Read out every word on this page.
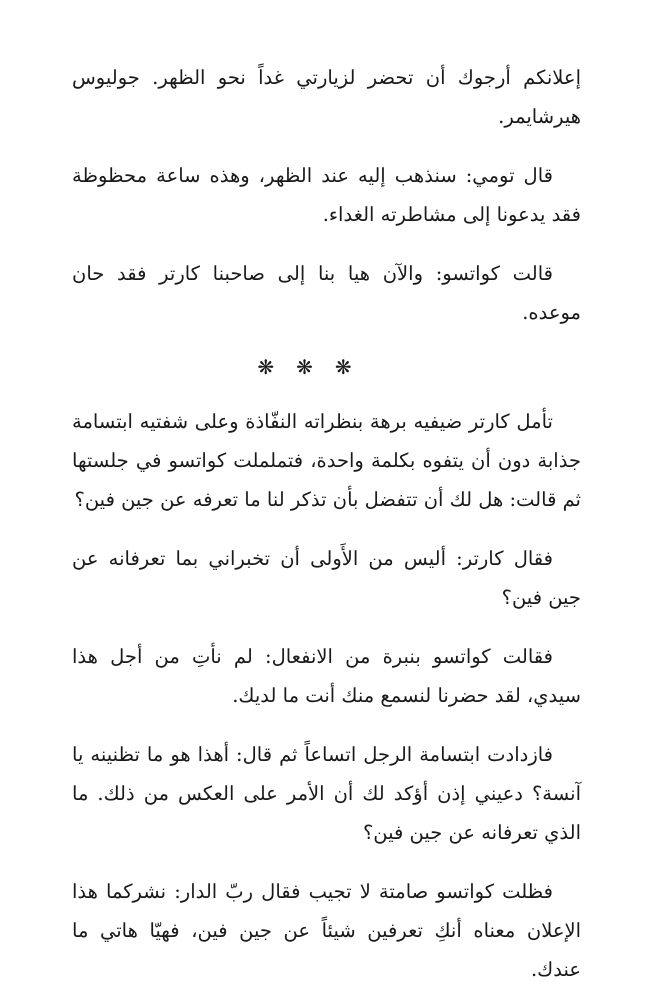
إعلانكم أرجوك أن تحضر لزيارتي غداً نحو الظهر. جوليوس هيرشايمر.

قال تومي: سنذهب إليه عند الظهر، وهذه ساعة محظوظة فقد يدعونا إلى مشاطرته الغداء.

قالت كواتسو: والآن هيا بنا إلى صاحبنا كارتر فقد حان موعده.

❋❋❋

تأمل كارتر ضيفيه برهة بنظراته النفّاذة وعلى شفتيه ابتسامة جذابة دون أن يتفوه بكلمة واحدة، فتململت كواتسو في جلستها ثم قالت: هل لك أن تتفضل بأن تذكر لنا ما تعرفه عن جين فين؟

فقال كارتر: أليس من الأَولى أن تخبراني بما تعرفانه عن جين فين؟

فقالت كواتسو بنبرة من الانفعال: لم نأتِ من أجل هذا سيدي، لقد حضرنا لنسمع منك أنت ما لديك.

فازدادت ابتسامة الرجل اتساعاً ثم قال: أهذا هو ما تظنينه يا آنسة؟ دعيني إذن أؤكد لك أن الأمر على العكس من ذلك. ما الذي تعرفانه عن جين فين؟

فظلت كواتسو صامتة لا تجيب فقال ربّ الدار: نشركما هذا الإعلان معناه أنكِ تعرفين شيئاً عن جين فين، فهيّا هاتي ما عندك.
